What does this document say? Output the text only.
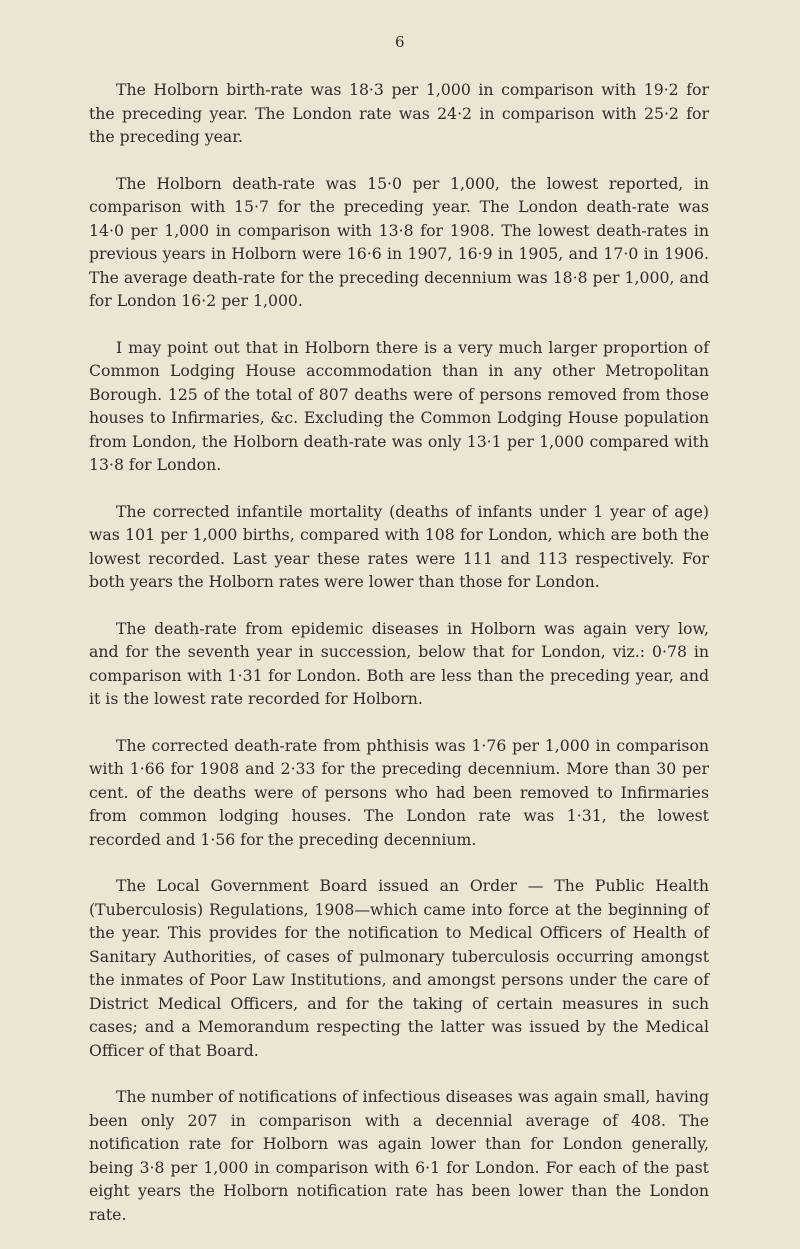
6

The Holborn birth-rate was 18·3 per 1,000 in comparison with 19·2 for the preceding year. The London rate was 24·2 in comparison with 25·2 for the preceding year.

The Holborn death-rate was 15·0 per 1,000, the lowest reported, in comparison with 15·7 for the preceding year. The London death-rate was 14·0 per 1,000 in comparison with 13·8 for 1908. The lowest death-rates in previous years in Holborn were 16·6 in 1907, 16·9 in 1905, and 17·0 in 1906. The average death-rate for the preceding decennium was 18·8 per 1,000, and for London 16·2 per 1,000.

I may point out that in Holborn there is a very much larger proportion of Common Lodging House accommodation than in any other Metropolitan Borough. 125 of the total of 807 deaths were of persons removed from those houses to Infirmaries, &c. Excluding the Common Lodging House population from London, the Holborn death-rate was only 13·1 per 1,000 compared with 13·8 for London.

The corrected infantile mortality (deaths of infants under 1 year of age) was 101 per 1,000 births, compared with 108 for London, which are both the lowest recorded. Last year these rates were 111 and 113 respectively. For both years the Holborn rates were lower than those for London.

The death-rate from epidemic diseases in Holborn was again very low, and for the seventh year in succession, below that for London, viz.: 0·78 in comparison with 1·31 for London. Both are less than the preceding year, and it is the lowest rate recorded for Holborn.

The corrected death-rate from phthisis was 1·76 per 1,000 in comparison with 1·66 for 1908 and 2·33 for the preceding decennium. More than 30 per cent. of the deaths were of persons who had been removed to Infirmaries from common lodging houses. The London rate was 1·31, the lowest recorded and 1·56 for the preceding decennium.

The Local Government Board issued an Order — The Public Health (Tuberculosis) Regulations, 1908—which came into force at the beginning of the year. This provides for the notification to Medical Officers of Health of Sanitary Authorities, of cases of pulmonary tuberculosis occurring amongst the inmates of Poor Law Institutions, and amongst persons under the care of District Medical Officers, and for the taking of certain measures in such cases; and a Memorandum respecting the latter was issued by the Medical Officer of that Board.

The number of notifications of infectious diseases was again small, having been only 207 in comparison with a decennial average of 408. The notification rate for Holborn was again lower than for London generally, being 3·8 per 1,000 in comparison with 6·1 for London. For each of the past eight years the Holborn notification rate has been lower than the London rate.
